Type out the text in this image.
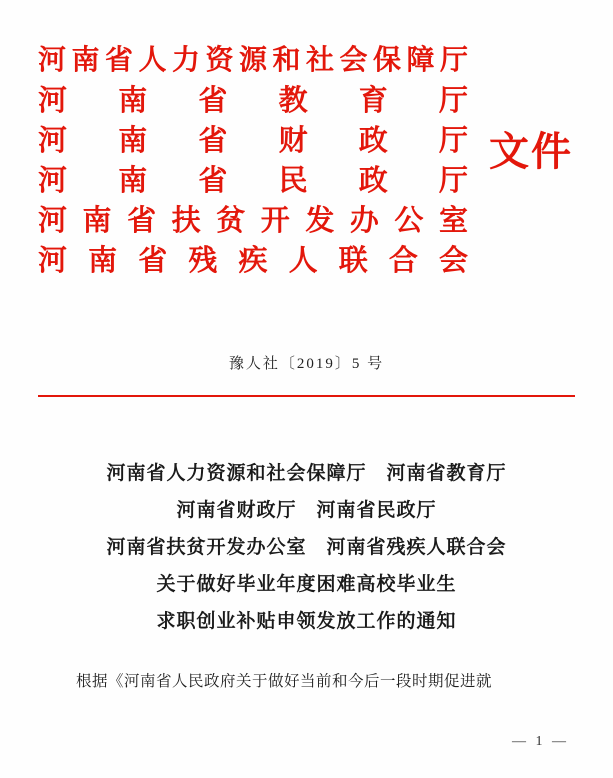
河南省人力资源和社会保障厅
河南省教育厅
河南省财政厅
河南省民政厅
河南省扶贫开发办公室
河南省残疾人联合会
文件
豫人社〔2019〕5 号
河南省人力资源和社会保障厅　河南省教育厅
河南省财政厅　河南省民政厅
河南省扶贫开发办公室　河南省残疾人联合会
关于做好毕业年度困难高校毕业生
求职创业补贴申领发放工作的通知
根据《河南省人民政府关于做好当前和今后一段时期促进就
— 1 —
